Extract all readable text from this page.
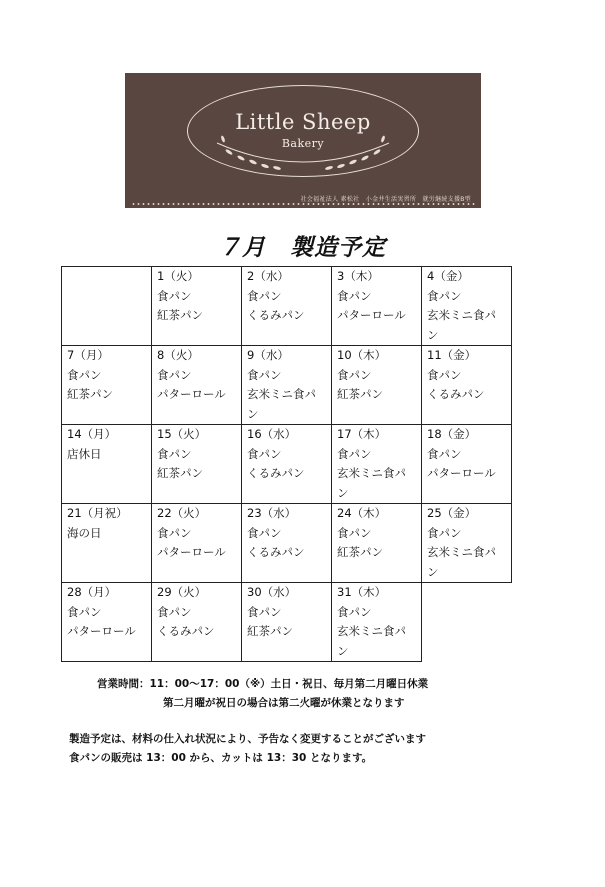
Little Sheep
Bakery
社会福祉法人 素松社　小金井生活実習所　就労継続支援B型
７月　製造予定

	1（火）
食パン
紅茶パン	2（水）
食パン
くるみパン	3（木）
食パン
パターロール	4（金）
食パン
玄米ミニ食パ
ン

7（月）
食パン
紅茶パン	8（火）
食パン
パターロール	9（水）
食パン
玄米ミニ食パ
ン	10（木）
食パン
紅茶パン	11（金）
食パン
くるみパン

14（月）
店休日	15（火）
食パン
紅茶パン	16（水）
食パン
くるみパン	17（木）
食パン
玄米ミニ食パ
ン	18（金）
食パン
パターロール

21（月祝）
海の日	22（火）
食パン
パターロール	23（水）
食パン
くるみパン	24（木）
食パン
紅茶パン	25（金）
食パン
玄米ミニ食パ
ン

28（月）
食パン
パターロール	29（火）
食パン
くるみパン	30（水）
食パン
紅茶パン	31（木）
食パン
玄米ミニ食パ
ン	

営業時間：11：00～17：00（※）土日・祝日、毎月第二月曜日休業
第二月曜が祝日の場合は第二火曜が休業となります
製造予定は、材料の仕入れ状況により、予告なく変更することがございます
食パンの販売は 13：00 から、カットは 13：30 となります。
